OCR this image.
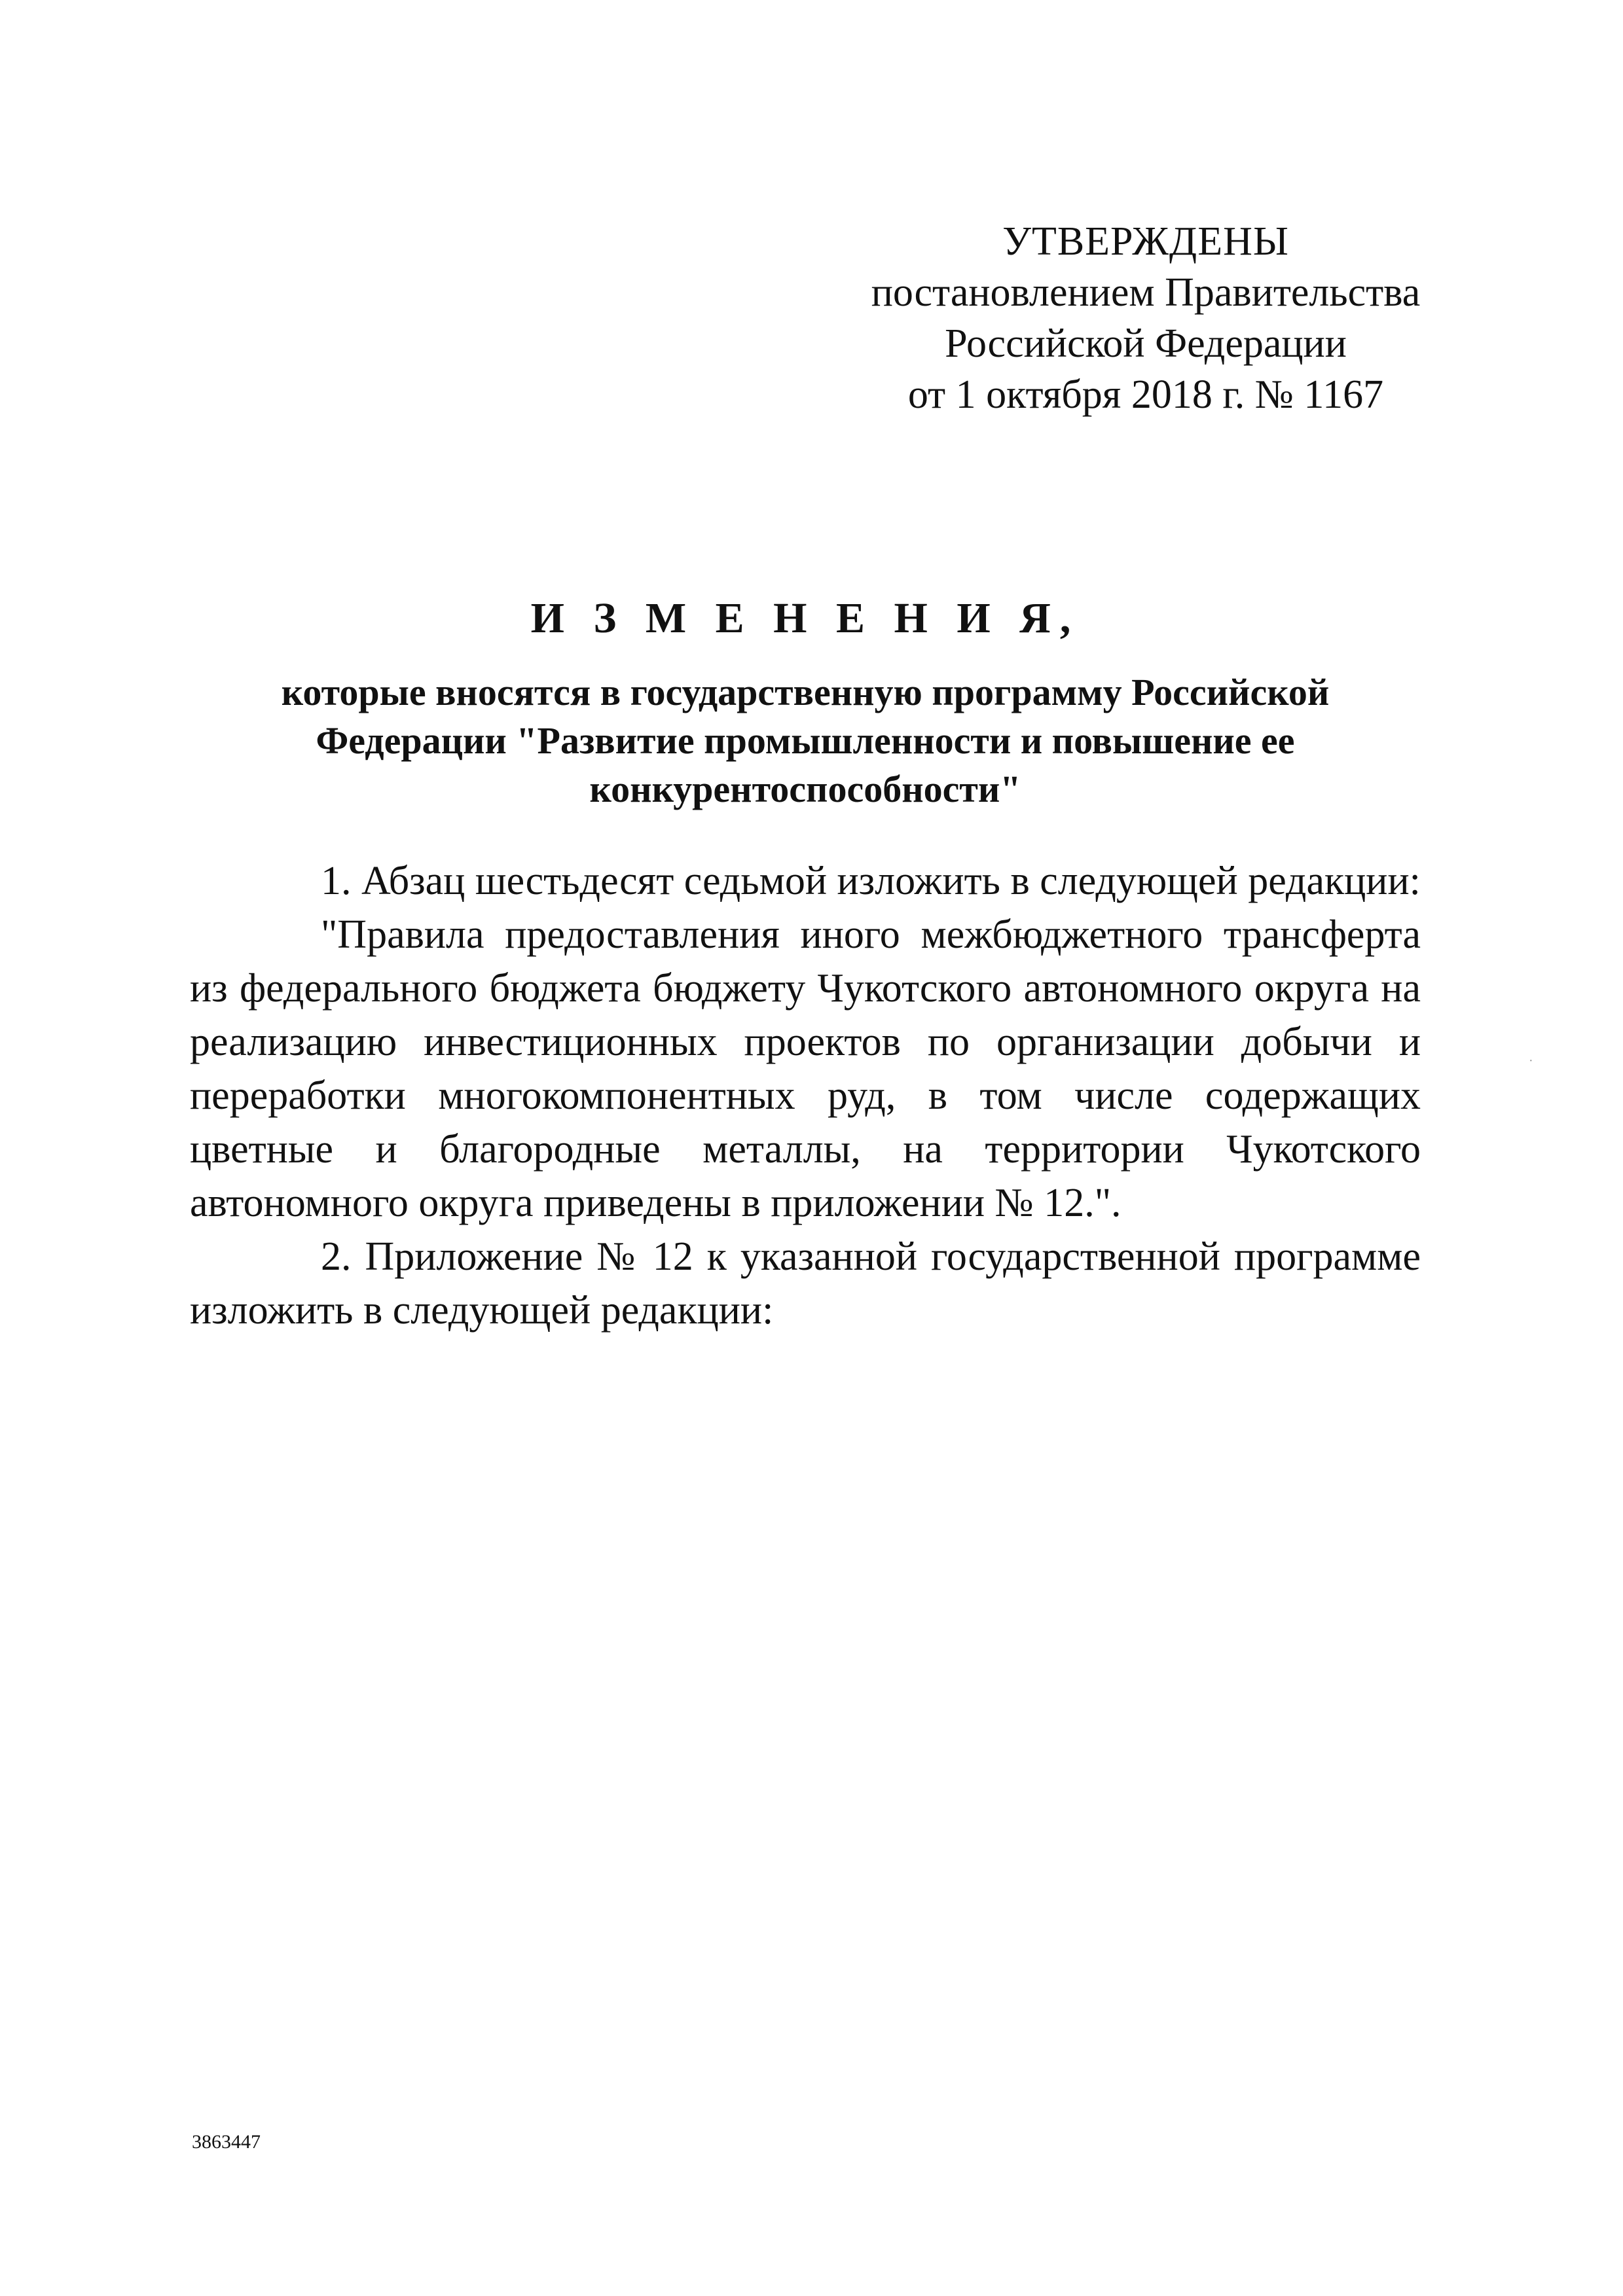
УТВЕРЖДЕНЫ
постановлением Правительства
Российской Федерации
от 1 октября 2018 г. № 1167
И З М Е Н Е Н И Я,
которые вносятся в государственную программу Российской
Федерации "Развитие промышленности и повышение ее
конкурентоспособности"

1. Абзац шестьдесят седьмой изложить в следующей редакции:

"Правила предоставления иного межбюджетного трансферта из федерального бюджета бюджету Чукотского автономного округа на реализацию инвестиционных проектов по организации добычи и переработки многокомпонентных руд, в том числе содержащих цветные и благородные металлы, на территории Чукотского автономного округа приведены в приложении № 12.".

2. Приложение № 12 к указанной государственной программе изложить в следующей редакции:

3863447
·
